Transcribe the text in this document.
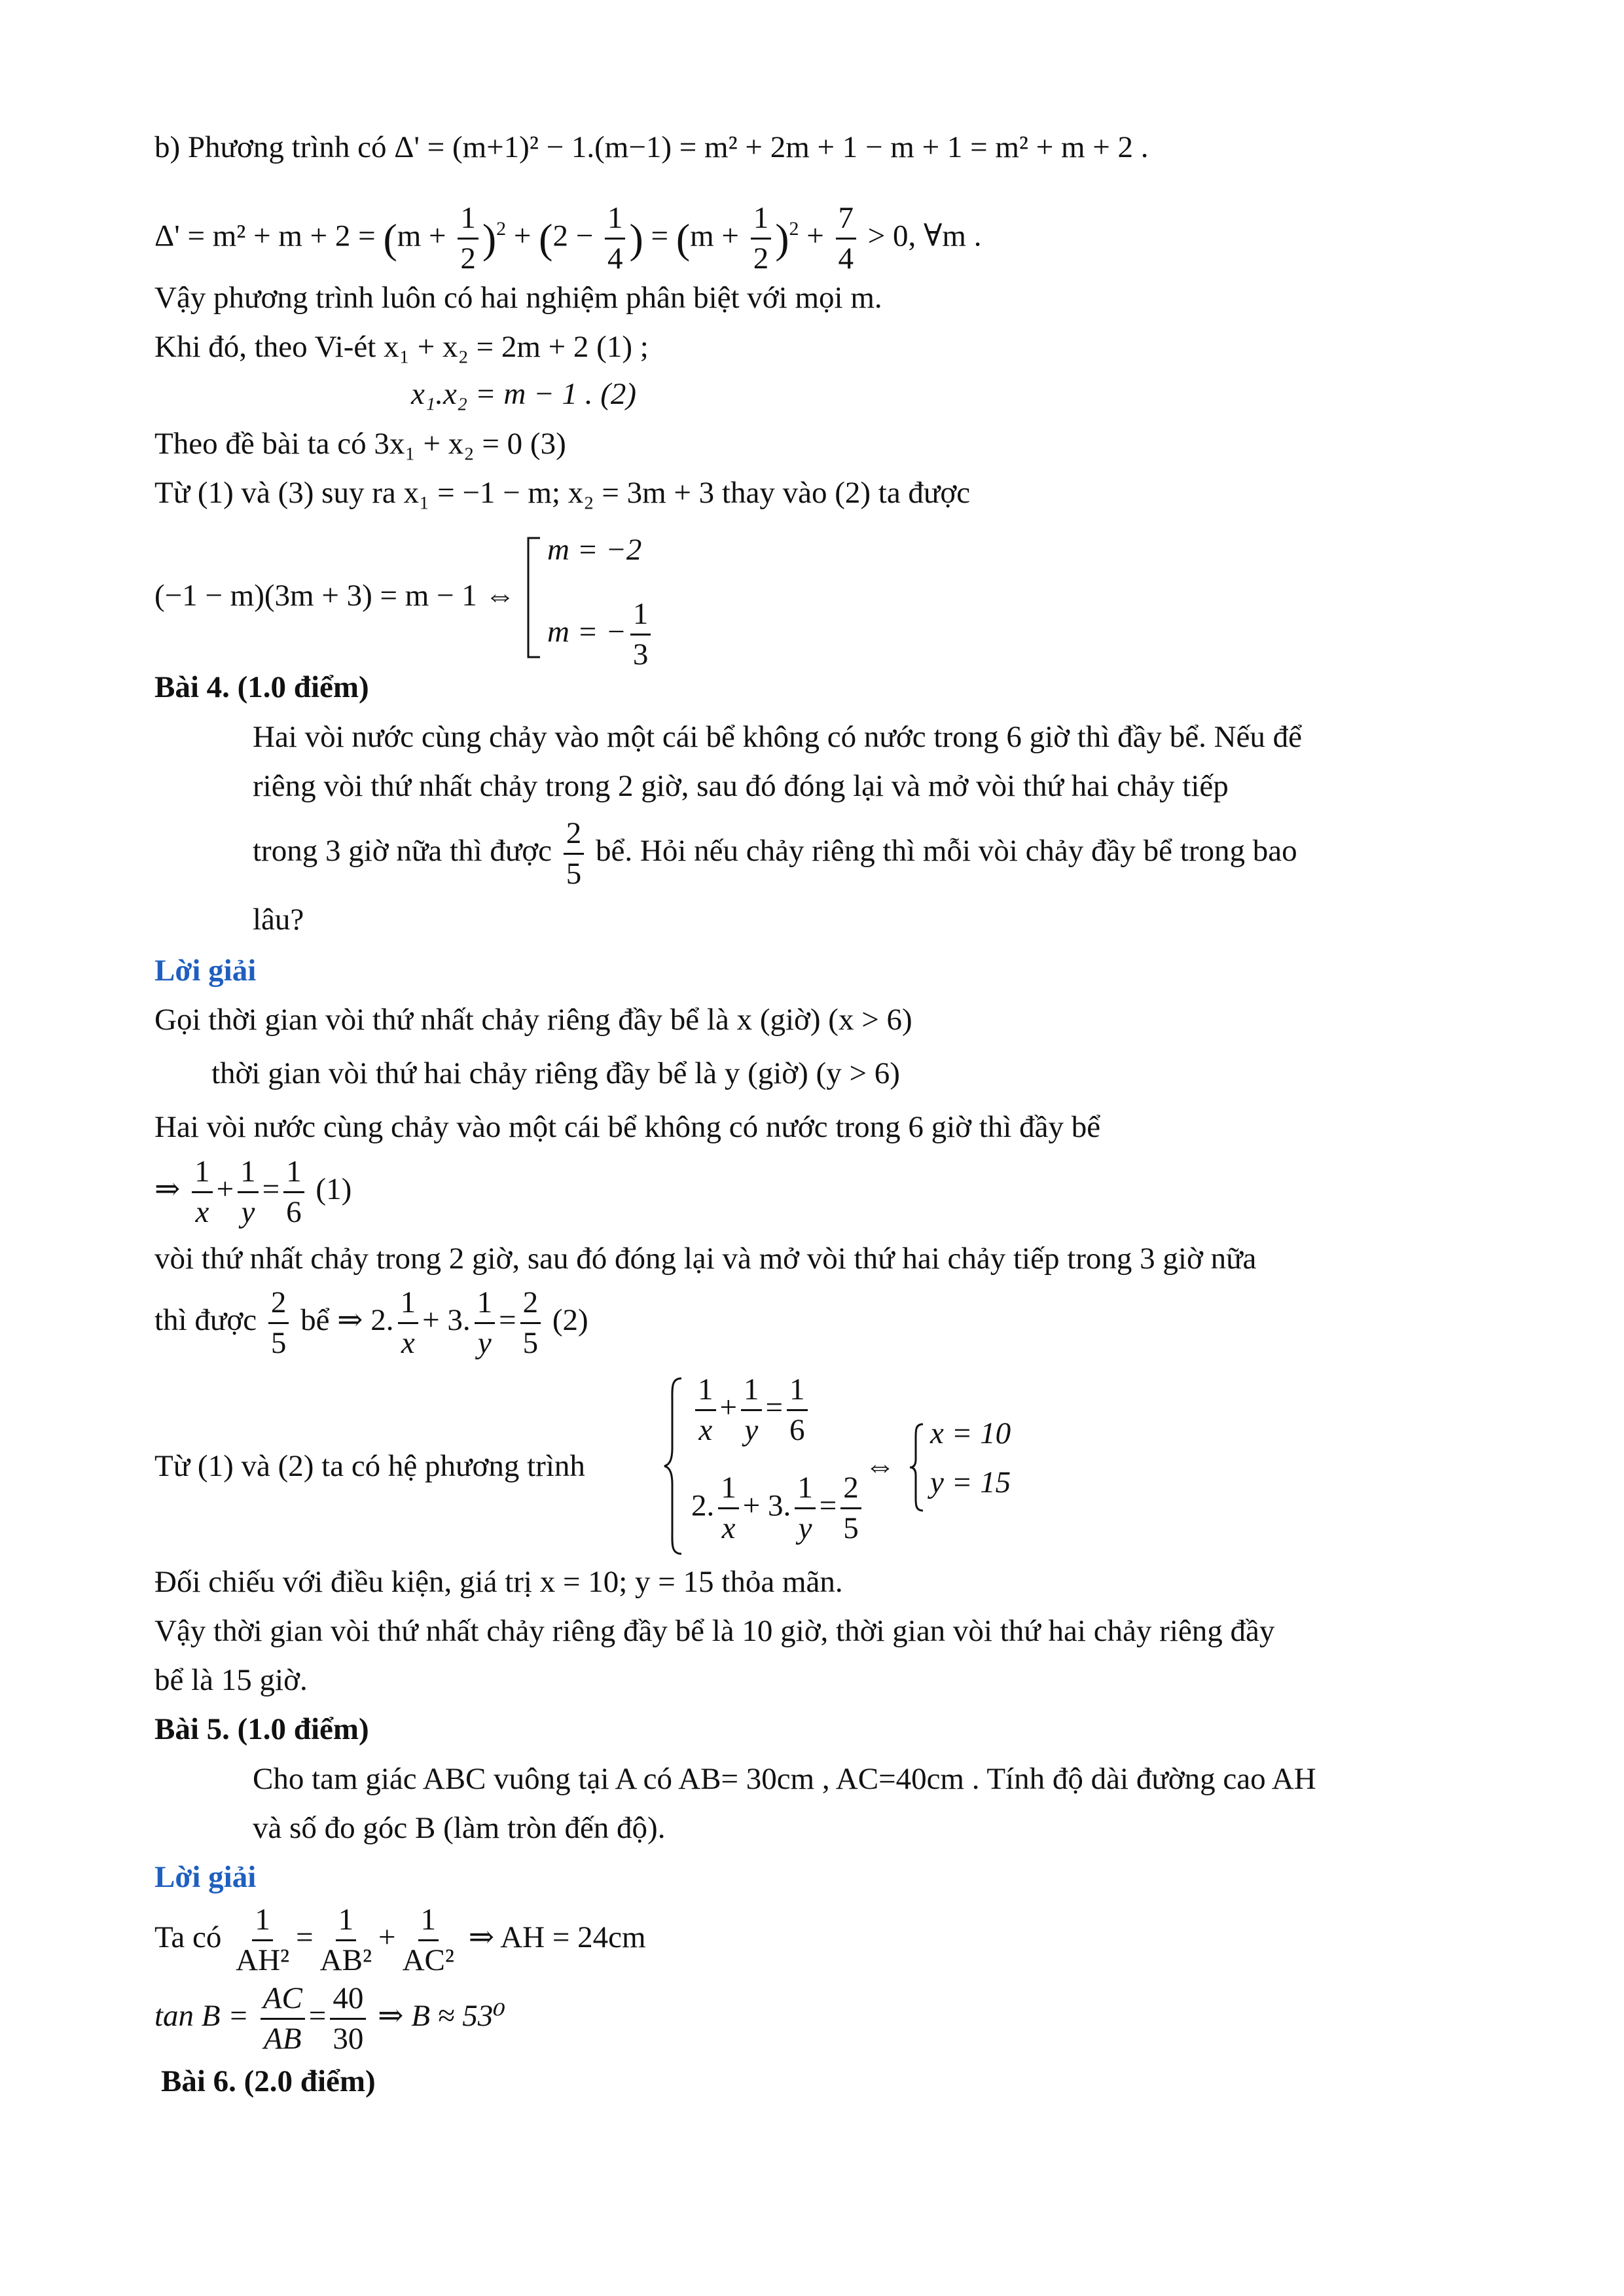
b) Phương trình có Δ' = (m+1)² − 1.(m−1) = m² + 2m + 1 − m + 1 = m² + m + 2 .
$\Delta' = m^2 + m + 2 = (m + \frac{1}{2} )^2 + (2 - \frac{1}{4}$ ) = $(m + \frac{1}{2} )^2 + \frac{7}{4} > 0$, ∀m .
Vậy phương trình luôn có hai nghiệm phân biệt với mọi m.
Khi đó, theo Vi-ét x₁ + x₂ = 2m + 2 (1) ;
x₁.x₂ = m − 1 . (2)
Theo đề bài ta có 3x₁ + x₂ = 0 (3)
Từ (1) và (3) suy ra x₁ = −1 − m; x₂ = 3m + 3 thay vào (2) ta được
(−1 − m)(3m + 3) = m − 1 ⇔
m = −2
m = − $\frac{1}{3}$
Bài 4. (1.0 điểm)
Hai vòi nước cùng chảy vào một cái bể không có nước trong 6 giờ thì đầy bể. Nếu để
riêng vòi thứ nhất chảy trong 2 giờ, sau đó đóng lại và mở vòi thứ hai chảy tiếp
trong 3 giờ nữa thì được $\frac{2}{5}$ bể. Hỏi nếu chảy riêng thì mỗi vòi chảy đầy bể trong bao
lâu?
Lời giải
Gọi thời gian vòi thứ nhất chảy riêng đầy bể là x (giờ) (x > 6)
thời gian vòi thứ hai chảy riêng đầy bể là y (giờ) (y > 6)
Hai vòi nước cùng chảy vào một cái bể không có nước trong 6 giờ thì đầy bể
⇒ $\frac{1}{x} + \frac{1}{y} = \frac{1}{6} (1)$
vòi thứ nhất chảy trong 2 giờ, sau đó đóng lại và mở vòi thứ hai chảy tiếp trong 3 giờ nữa
thì được $\frac{2}{5}$ bể ⇒ 2. $\frac{1}{x} + 3$. $\frac{1}{y} = \frac{2}{5} (2)$
Từ (1) và (2) ta có hệ phương trình
$\frac{1}{x} + \frac{1}{y} = \frac{1}{6}$
2. $\frac{1}{x} + 3$. $\frac{1}{y} = \frac{2}{5}$
⇔
x = 10
y = 15
Đối chiếu với điều kiện, giá trị x = 10; y = 15 thỏa mãn.
Vậy thời gian vòi thứ nhất chảy riêng đầy bể là 10 giờ, thời gian vòi thứ hai chảy riêng đầy
bể là 15 giờ.
Bài 5. (1.0 điểm)
Cho tam giác ABC vuông tại A có AB= 30cm , AC=40cm . Tính độ dài đường cao AH
và số đo góc B (làm tròn đến độ).
Lời giải
Ta có $\frac{1}{\text{AH²}} = \frac{1}{\text{AB²}} + \frac{1}{\text{AC²}}$ ⇒ AH = 24cm
$\tan B = \frac{AC}{AB} = \frac{40}{30}$ ⇒ B ≈ 53⁰
Bài 6. (2.0 điểm)
